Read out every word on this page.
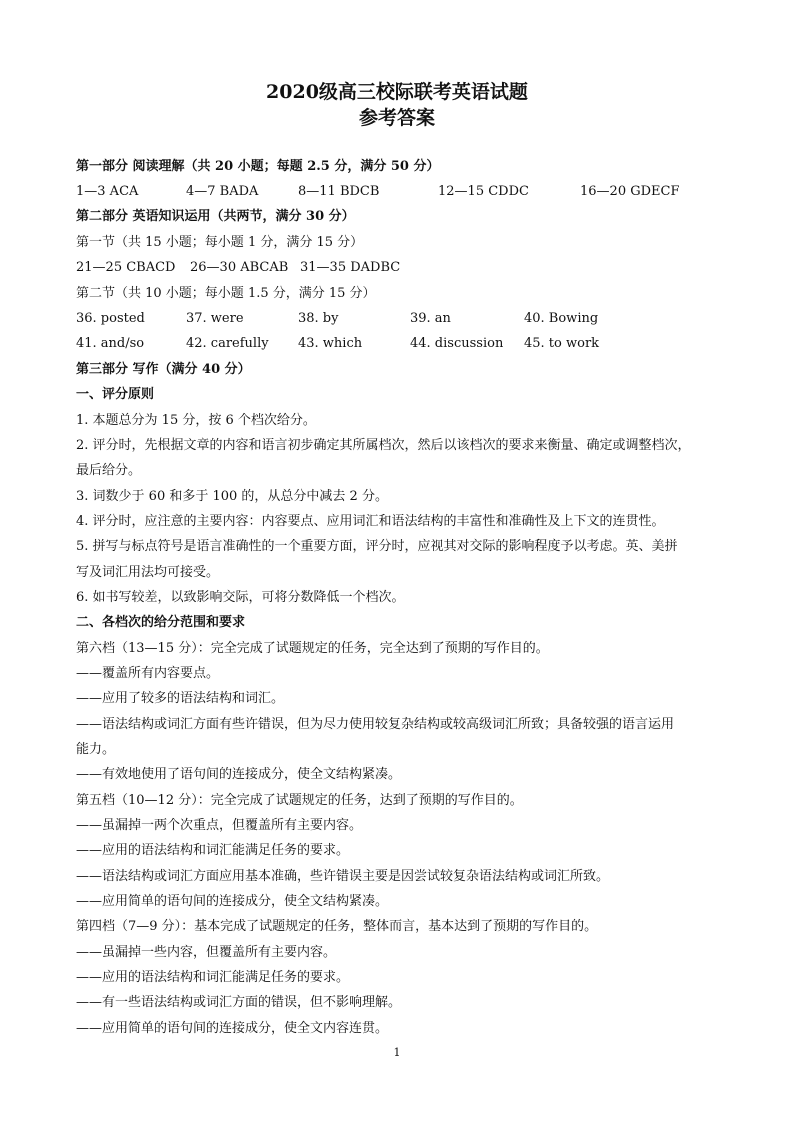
2020级高三校际联考英语试题
参考答案
第一部分 阅读理解（共 20 小题；每题 2.5 分，满分 50 分）
1—3 ACA	4—7 BADA	8—11 BDCB	12—15 CDDC	16—20 GDECF
第二部分 英语知识运用（共两节，满分 30 分）
第一节（共 15 小题；每小题 1 分，满分 15 分）
21—25 CBACD 26—30 ABCAB 31—35 DADBC
第二节（共 10 小题；每小题 1.5 分，满分 15 分）
36. posted	37. were	38. by	39. an	40. Bowing
41. and/so	42. carefully 43. which	44. discussion 45. to work
第三部分 写作（满分 40 分）
一、评分原则
1. 本题总分为 15 分，按 6 个档次给分。
2. 评分时，先根据文章的内容和语言初步确定其所属档次，然后以该档次的要求来衡量、确定或调整档次，
最后给分。
3. 词数少于 60 和多于 100 的，从总分中减去 2 分。
4. 评分时，应注意的主要内容：内容要点、应用词汇和语法结构的丰富性和准确性及上下文的连贯性。
5. 拼写与标点符号是语言准确性的一个重要方面，评分时，应视其对交际的影响程度予以考虑。英、美拼
写及词汇用法均可接受。
6. 如书写较差，以致影响交际，可将分数降低一个档次。
二、各档次的给分范围和要求
第六档（13—15 分）：完全完成了试题规定的任务，完全达到了预期的写作目的。
——覆盖所有内容要点。
——应用了较多的语法结构和词汇。
——语法结构或词汇方面有些许错误，但为尽力使用较复杂结构或较高级词汇所致；具备较强的语言运用
能力。
——有效地使用了语句间的连接成分，使全文结构紧凑。
第五档（10—12 分）：完全完成了试题规定的任务，达到了预期的写作目的。
——虽漏掉一两个次重点，但覆盖所有主要内容。
——应用的语法结构和词汇能满足任务的要求。
——语法结构或词汇方面应用基本准确，些许错误主要是因尝试较复杂语法结构或词汇所致。
——应用简单的语句间的连接成分，使全文结构紧凑。
第四档（7—9 分）：基本完成了试题规定的任务，整体而言，基本达到了预期的写作目的。
——虽漏掉一些内容，但覆盖所有主要内容。
——应用的语法结构和词汇能满足任务的要求。
——有一些语法结构或词汇方面的错误，但不影响理解。
——应用简单的语句间的连接成分，使全文内容连贯。
1
